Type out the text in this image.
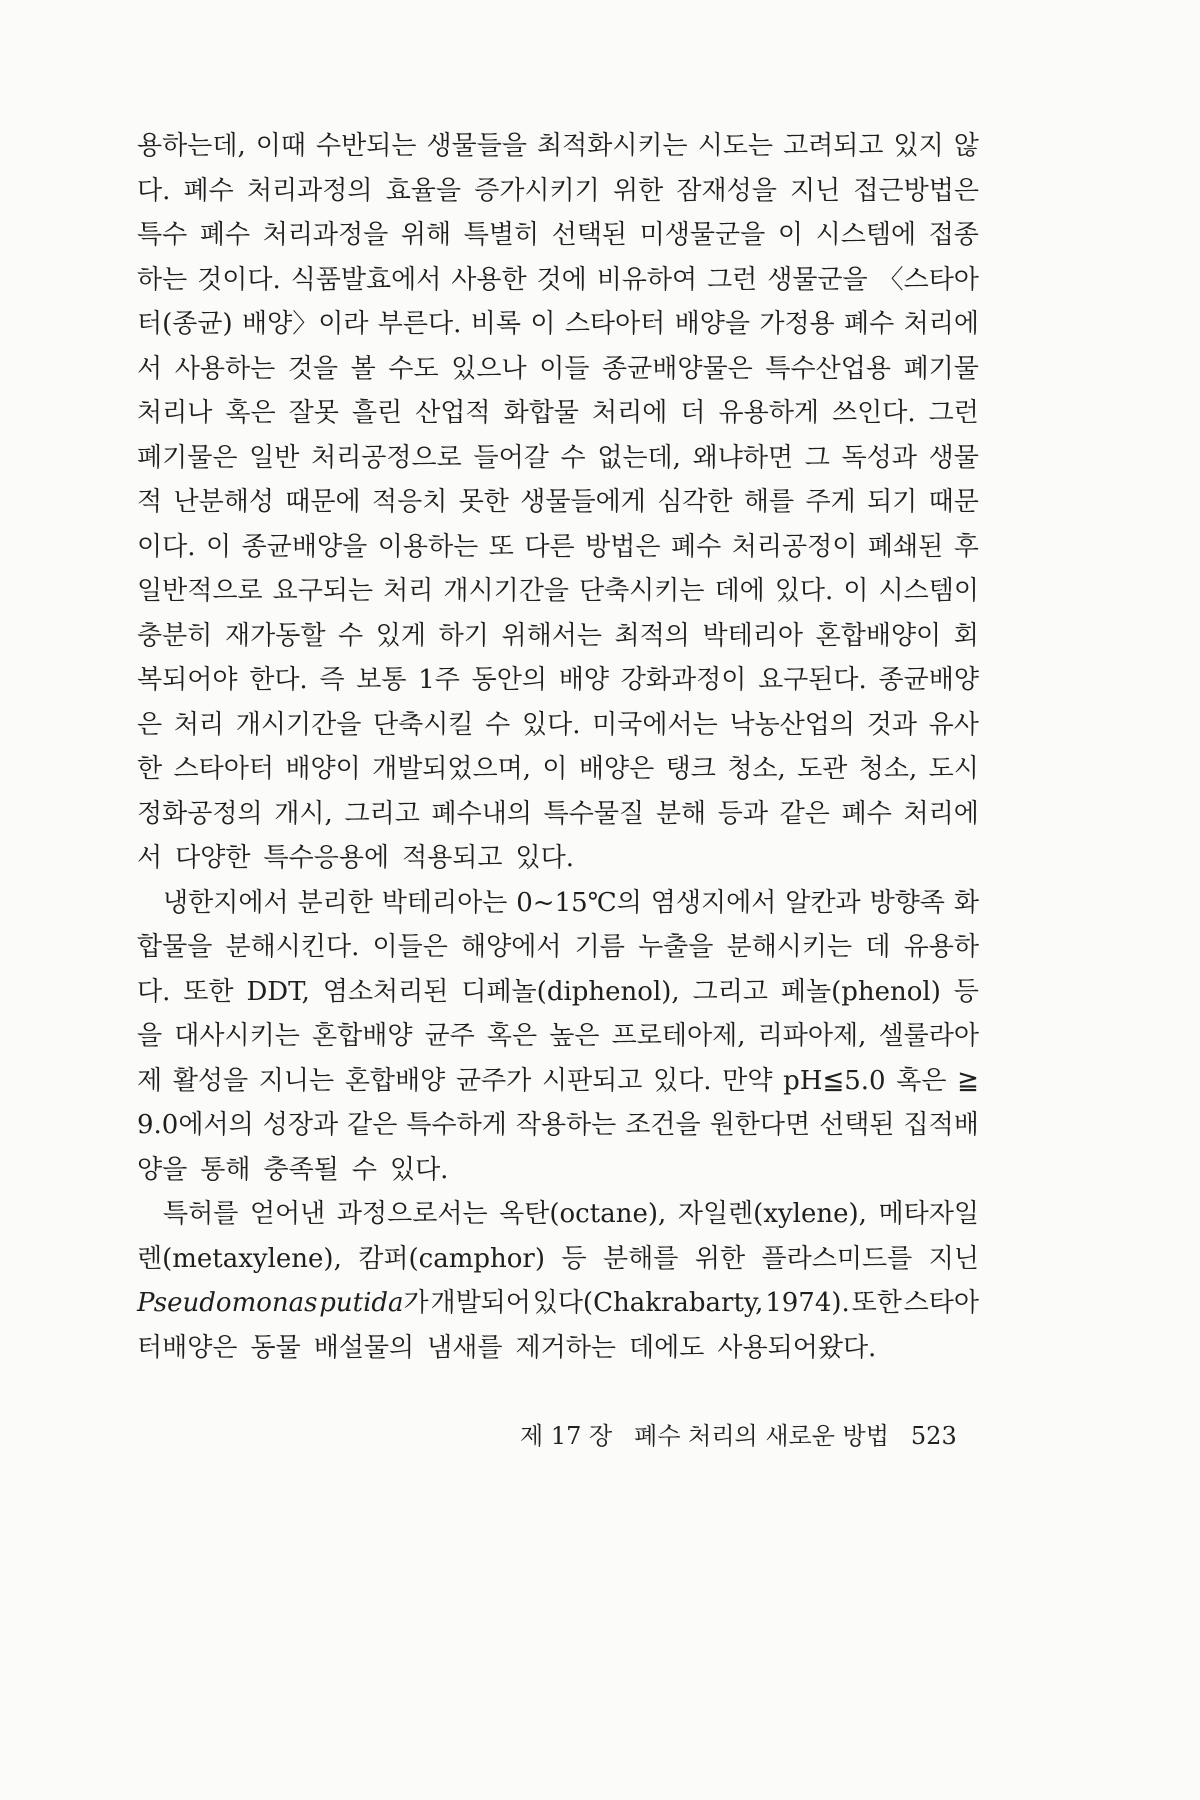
용하는데, 이때 수반되는 생물들을 최적화시키는 시도는 고려되고 있지 않
다. 폐수 처리과정의 효율을 증가시키기 위한 잠재성을 지닌 접근방법은
특수 폐수 처리과정을 위해 특별히 선택된 미생물군을 이 시스템에 접종
하는 것이다. 식품발효에서 사용한 것에 비유하여 그런 생물군을 〈스타아
터(종균) 배양〉이라 부른다. 비록 이 스타아터 배양을 가정용 폐수 처리에
서 사용하는 것을 볼 수도 있으나 이들 종균배양물은 특수산업용 폐기물
처리나 혹은 잘못 흘린 산업적 화합물 처리에 더 유용하게 쓰인다. 그런
폐기물은 일반 처리공정으로 들어갈 수 없는데, 왜냐하면 그 독성과 생물
적 난분해성 때문에 적응치 못한 생물들에게 심각한 해를 주게 되기 때문
이다. 이 종균배양을 이용하는 또 다른 방법은 폐수 처리공정이 폐쇄된 후
일반적으로 요구되는 처리 개시기간을 단축시키는 데에 있다. 이 시스템이
충분히 재가동할 수 있게 하기 위해서는 최적의 박테리아 혼합배양이 회
복되어야 한다. 즉 보통 1주 동안의 배양 강화과정이 요구된다. 종균배양
은 처리 개시기간을 단축시킬 수 있다. 미국에서는 낙농산업의 것과 유사
한 스타아터 배양이 개발되었으며, 이 배양은 탱크 청소, 도관 청소, 도시
정화공정의 개시, 그리고 폐수내의 특수물질 분해 등과 같은 폐수 처리에
서 다양한 특수응용에 적용되고 있다.
냉한지에서 분리한 박테리아는 0~15℃의 염생지에서 알칸과 방향족 화
합물을 분해시킨다. 이들은 해양에서 기름 누출을 분해시키는 데 유용하
다. 또한 DDT, 염소처리된 디페놀(diphenol), 그리고 페놀(phenol) 등
을 대사시키는 혼합배양 균주 혹은 높은 프로테아제, 리파아제, 셀룰라아
제 활성을 지니는 혼합배양 균주가 시판되고 있다. 만약 pH≦5.0 혹은 ≧
9.0에서의 성장과 같은 특수하게 작용하는 조건을 원한다면 선택된 집적배
양을 통해 충족될 수 있다.
특허를 얻어낸 과정으로서는 옥탄(octane), 자일렌(xylene), 메타자일
렌(metaxylene), 캄퍼(camphor) 등 분해를 위한 플라스미드를 지닌
Pseudomonas putida가 개발되어 있다(Chakrabarty, 1974). 또한 스타아
터배양은 동물 배설물의 냄새를 제거하는 데에도 사용되어왔다.
제 17 장 폐수 처리의 새로운 방법 523
